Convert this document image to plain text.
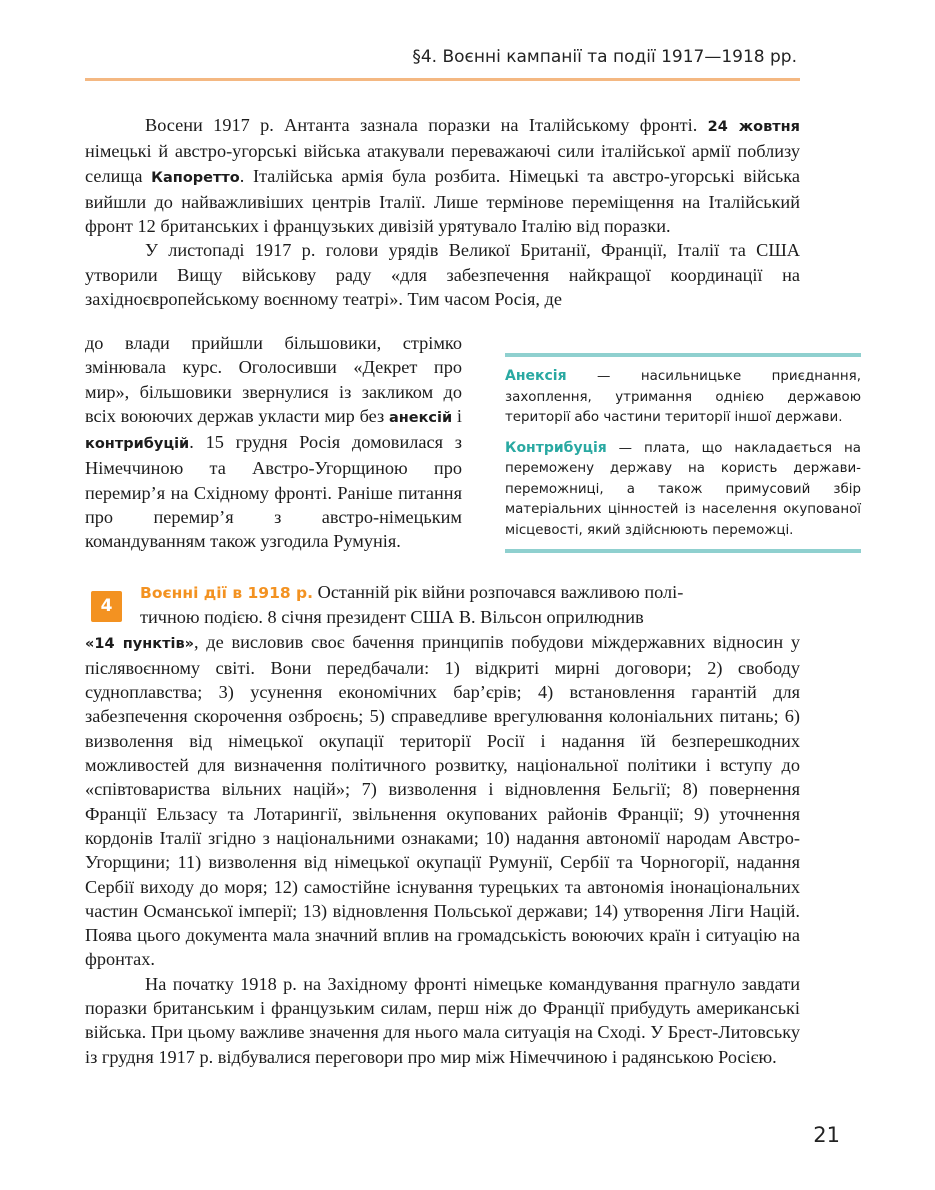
§4. Воєнні кампанії та події 1917—1918 рр.

Восени 1917 р. Антанта зазнала поразки на Італійському фронті. 24 жовтня німецькі й австро-угорські війська атакували переважаючі сили італійської армії поблизу селища Капоретто. Італійська армія була розбита. Німецькі та австро-угорські війська вийшли до найважливіших центрів Італії. Лише термінове переміщення на Італійський фронт 12 британських і французьких дивізій урятувало Італію від поразки.

У листопаді 1917 р. голови урядів Великої Британії, Франції, Італії та США утворили Вищу військову раду «для забезпечення найкращої координації на західноєвропейському воєнному театрі». Тим часом Росія, де

до влади прийшли більшовики, стрімко змінювала курс. Оголосивши «Декрет про мир», більшовики звернулися із закликом до всіх воюючих держав укласти мир без анексій і контрибуцій. 15 грудня Росія домовилася з Німеччиною та Австро-Угорщиною про перемир’я на Східному фронті. Раніше питання про перемир’я з австро-німецьким командуванням також узгодила Румунія.

Анексія — насильницьке приєднання, захоплення, утримання однією державою території або частини території іншої держави.

Контрибуція — плата, що накладається на переможену державу на користь держави-переможниці, а також примусовий збір матеріальних цінностей із населення окупованої місцевості, який здійснюють переможці.

4

Воєнні дії в 1918 р. Останній рік війни розпочався важливою полі-

тичною подією. 8 січня президент США В. Вільсон оприлюднив

«14 пунктів», де висловив своє бачення принципів побудови міждержавних відносин у післявоєнному світі. Вони передбачали: 1) відкриті мирні договори; 2) свободу судноплавства; 3) усунення економічних бар’єрів; 4) встановлення гарантій для забезпечення скорочення озброєнь; 5) справедливе врегулювання колоніальних питань; 6) визволення від німецької окупації території Росії і надання їй безперешкодних можливостей для визначення політичного розвитку, національної політики і вступу до «співтовариства вільних націй»; 7) визволення і відновлення Бельгії; 8) повернення Франції Ельзасу та Лотарингії, звільнення окупованих районів Франції; 9) уточнення кордонів Італії згідно з національними ознаками; 10) надання автономії народам Австро-Угорщини; 11) визволення від німецької окупації Румунії, Сербії та Чорногорії, надання Сербії виходу до моря; 12) самостійне існування турецьких та автономія інонаціональних частин Османської імперії; 13) відновлення Польської держави; 14) утворення Ліги Націй. Поява цього документа мала значний вплив на громадськість воюючих країн і ситуацію на фронтах.

На початку 1918 р. на Західному фронті німецьке командування прагнуло завдати поразки британським і французьким силам, перш ніж до Франції прибудуть американські війська. При цьому важливе значення для нього мала ситуація на Сході. У Брест-Литовську із грудня 1917 р. відбувалися переговори про мир між Німеччиною і радянською Росією.

21
